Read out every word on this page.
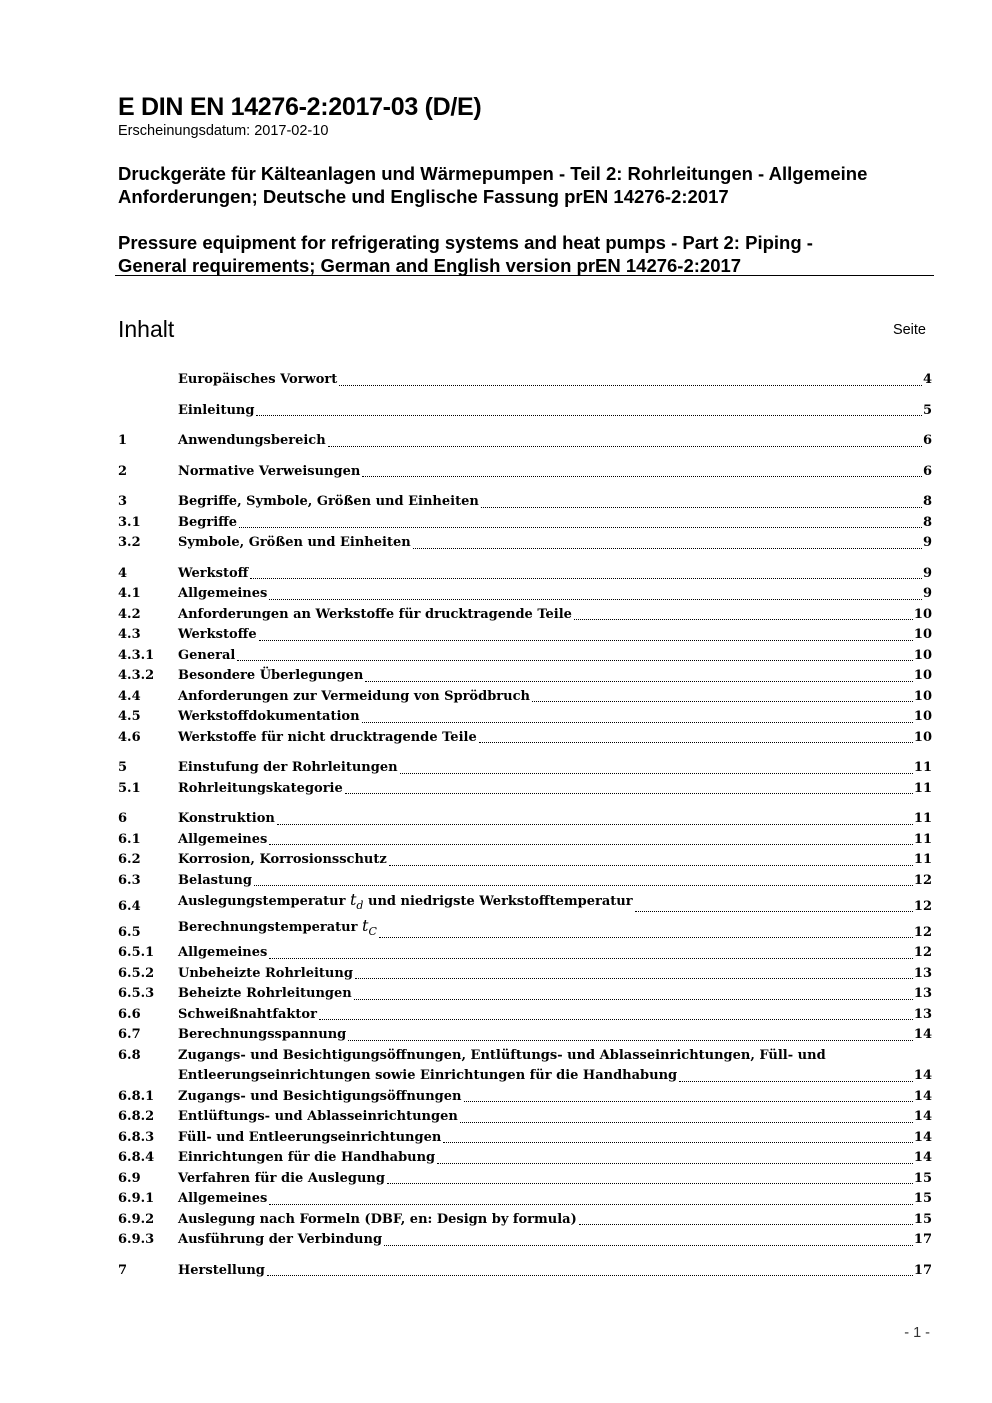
E DIN EN 14276-2:2017-03 (D/E)

Erscheinungsdatum: 2017-02-10

Druckgeräte für Kälteanlagen und Wärmepumpen - Teil 2: Rohrleitungen - Allgemeine
Anforderungen; Deutsche und Englische Fassung prEN 14276-2:2017

Pressure equipment for refrigerating systems and heat pumps - Part 2: Piping -
General requirements; German and English version prEN 14276-2:2017

Inhalt	Seite
Europäisches Vorwort	4
Einleitung	5
1	Anwendungsbereich	6
2	Normative Verweisungen	6
3	Begriffe, Symbole, Größen und Einheiten	8
3.1	Begriffe	8
3.2	Symbole, Größen und Einheiten	9
4	Werkstoff	9
4.1	Allgemeines	9
4.2	Anforderungen an Werkstoffe für drucktragende Teile	10
4.3	Werkstoffe	10
4.3.1	General	10
4.3.2	Besondere Überlegungen	10
4.4	Anforderungen zur Vermeidung von Sprödbruch	10
4.5	Werkstoffdokumentation	10
4.6	Werkstoffe für nicht drucktragende Teile	10
5	Einstufung der Rohrleitungen	11
5.1	Rohrleitungskategorie	11
6	Konstruktion	11
6.1	Allgemeines	11
6.2	Korrosion, Korrosionsschutz	11
6.3	Belastung	12
6.4	Auslegungstemperatur $t_d$ und niedrigste Werkstofftemperatur	12
6.5	Berechnungstemperatur $t_C$	12
6.5.1	Allgemeines	12
6.5.2	Unbeheizte Rohrleitung	13
6.5.3	Beheizte Rohrleitungen	13
6.6	Schweißnahtfaktor	13
6.7	Berechnungsspannung	14
6.8	Zugangs- und Besichtigungsöffnungen, Entlüftungs- und Ablasseinrichtungen, Füll- und
Entleerungseinrichtungen sowie Einrichtungen für die Handhabung	14
6.8.1	Zugangs- und Besichtigungsöffnungen	14
6.8.2	Entlüftungs- und Ablasseinrichtungen	14
6.8.3	Füll- und Entleerungseinrichtungen	14
6.8.4	Einrichtungen für die Handhabung	14
6.9	Verfahren für die Auslegung	15
6.9.1	Allgemeines	15
6.9.2	Auslegung nach Formeln (DBF, en: Design by formula)	15
6.9.3	Ausführung der Verbindung	17
7	Herstellung	17
- 1 -
